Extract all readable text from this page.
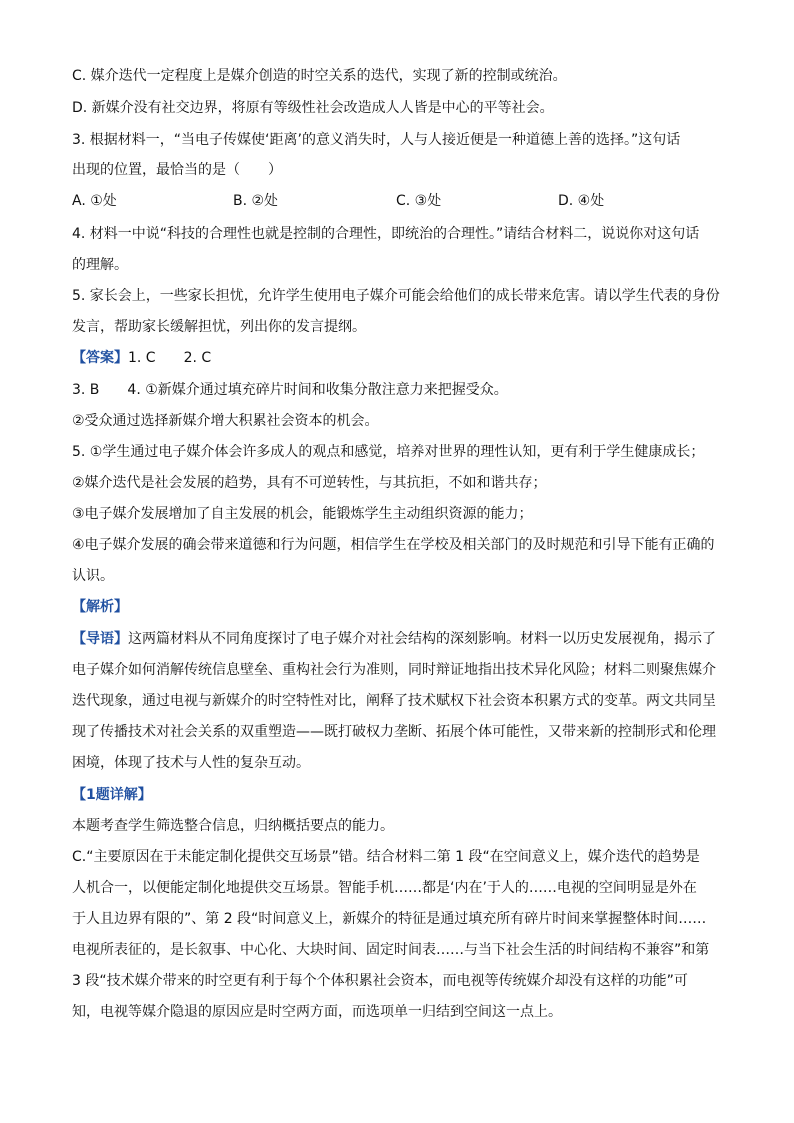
C. 媒介迭代一定程度上是媒介创造的时空关系的迭代，实现了新的控制或统治。
D. 新媒介没有社交边界，将原有等级性社会改造成人人皆是中心的平等社会。
3. 根据材料一，“当电子传媒使‘距离’的意义消失时，人与人接近便是一种道德上善的选择。”这句话
出现的位置，最恰当的是（　　）
A. ①处	B. ②处	C. ③处	D. ④处
4. 材料一中说“科技的合理性也就是控制的合理性，即统治的合理性。”请结合材料二，说说你对这句话
的理解。
5. 家长会上，一些家长担忧，允许学生使用电子媒介可能会给他们的成长带来危害。请以学生代表的身份
发言，帮助家长缓解担忧，列出你的发言提纲。
【答案】1. C　　2. C
3. B　　4. ①新媒介通过填充碎片时间和收集分散注意力来把握受众。
②受众通过选择新媒介增大积累社会资本的机会。
5. ①学生通过电子媒介体会许多成人的观点和感觉，培养对世界的理性认知，更有利于学生健康成长；
②媒介迭代是社会发展的趋势，具有不可逆转性，与其抗拒，不如和谐共存；
③电子媒介发展增加了自主发展的机会，能锻炼学生主动组织资源的能力；
④电子媒介发展的确会带来道德和行为问题，相信学生在学校及相关部门的及时规范和引导下能有正确的
认识。
【解析】
【导语】这两篇材料从不同角度探讨了电子媒介对社会结构的深刻影响。材料一以历史发展视角，揭示了
电子媒介如何消解传统信息壁垒、重构社会行为准则，同时辩证地指出技术异化风险；材料二则聚焦媒介
迭代现象，通过电视与新媒介的时空特性对比，阐释了技术赋权下社会资本积累方式的变革。两文共同呈
现了传播技术对社会关系的双重塑造——既打破权力垄断、拓展个体可能性，又带来新的控制形式和伦理
困境，体现了技术与人性的复杂互动。
【1题详解】
本题考查学生筛选整合信息，归纳概括要点的能力。
C.“主要原因在于未能定制化提供交互场景”错。结合材料二第 1 段“在空间意义上，媒介迭代的趋势是
人机合一，以便能定制化地提供交互场景。智能手机……都是‘内在’于人的……电视的空间明显是外在
于人且边界有限的”、第 2 段“时间意义上，新媒介的特征是通过填充所有碎片时间来掌握整体时间……
电视所表征的，是长叙事、中心化、大块时间、固定时间表……与当下社会生活的时间结构不兼容”和第
3 段“技术媒介带来的时空更有利于每个个体积累社会资本，而电视等传统媒介却没有这样的功能”可
知，电视等媒介隐退的原因应是时空两方面，而选项单一归结到空间这一点上。
